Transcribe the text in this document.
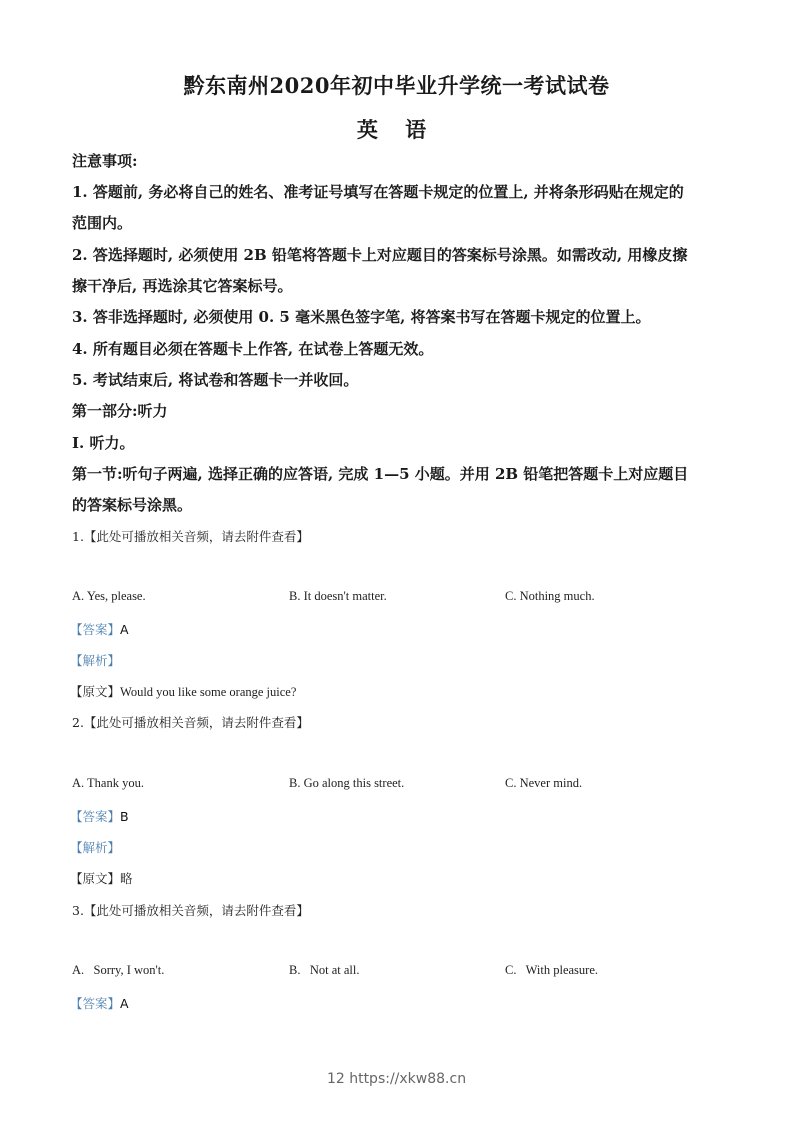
黔东南州2020年初中毕业升学统一考试试卷
英 语
注意事项:
1. 答题前, 务必将自己的姓名、准考证号填写在答题卡规定的位置上, 并将条形码贴在规定的
范围内。
2. 答选择题时, 必须使用 2B 铅笔将答题卡上对应题目的答案标号涂黑。如需改动, 用橡皮擦
擦干净后, 再选涂其它答案标号。
3. 答非选择题时, 必须使用 0. 5 毫米黑色签字笔, 将答案书写在答题卡规定的位置上。
4. 所有题目必须在答题卡上作答, 在试卷上答题无效。
5. 考试结束后, 将试卷和答题卡一并收回。
第一部分:听力
I. 听力。
第一节:听句子两遍, 选择正确的应答语, 完成 1—5 小题。并用 2B 铅笔把答题卡上对应题目
的答案标号涂黑。
1.【此处可播放相关音频，请去附件查看】
A. Yes, please.	B. It doesn't matter.	C. Nothing much.
【答案】A
【解析】
【原文】Would you like some orange juice?
2.【此处可播放相关音频，请去附件查看】
A. Thank you.	B. Go along this street.	C. Never mind.
【答案】B
【解析】
【原文】略
3.【此处可播放相关音频，请去附件查看】
A.   Sorry, I won't.	B.   Not at all.	C.   With pleasure.
【答案】A
12 https://xkw88.cn
